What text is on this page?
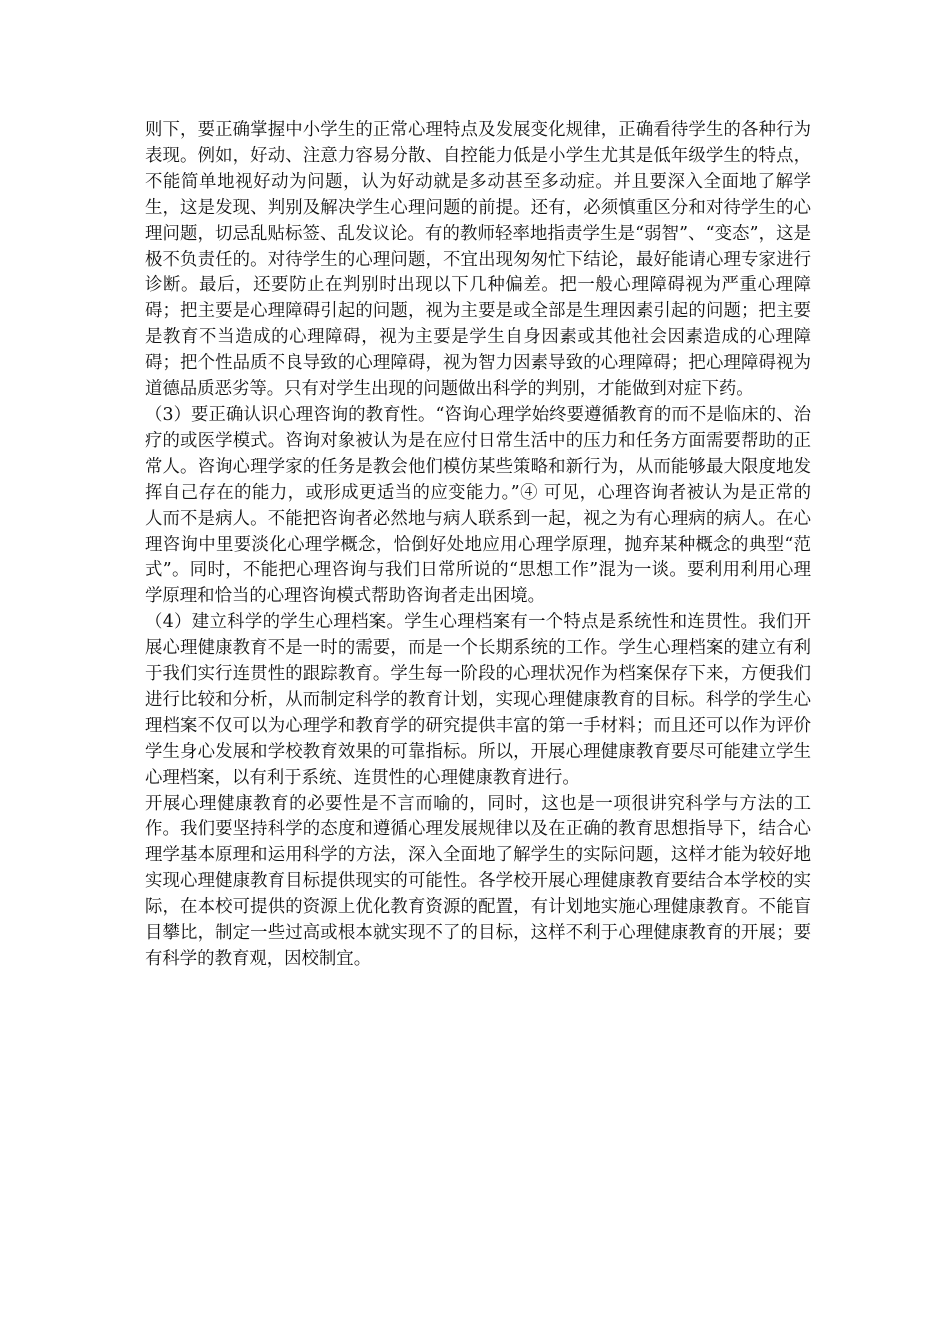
则下，要正确掌握中小学生的正常心理特点及发展变化规律，正确看待学生的各种行为表现。例如，好动、注意力容易分散、自控能力低是小学生尤其是低年级学生的特点，不能简单地视好动为问题，认为好动就是多动甚至多动症。并且要深入全面地了解学生，这是发现、判别及解决学生心理问题的前提。还有，必须慎重区分和对待学生的心理问题，切忌乱贴标签、乱发议论。有的教师轻率地指责学生是“弱智”、“变态”，这是极不负责任的。对待学生的心理问题，不宜出现匆匆忙下结论，最好能请心理专家进行诊断。最后，还要防止在判别时出现以下几种偏差。把一般心理障碍视为严重心理障碍；把主要是心理障碍引起的问题，视为主要是或全部是生理因素引起的问题；把主要是教育不当造成的心理障碍，视为主要是学生自身因素或其他社会因素造成的心理障碍；把个性品质不良导致的心理障碍，视为智力因素导致的心理障碍；把心理障碍视为道德品质恶劣等。只有对学生出现的问题做出科学的判别，才能做到对症下药。

（3）要正确认识心理咨询的教育性。“咨询心理学始终要遵循教育的而不是临床的、治疗的或医学模式。咨询对象被认为是在应付日常生活中的压力和任务方面需要帮助的正常人。咨询心理学家的任务是教会他们模仿某些策略和新行为，从而能够最大限度地发挥自己存在的能力，或形成更适当的应变能力。”④ 可见，心理咨询者被认为是正常的人而不是病人。不能把咨询者必然地与病人联系到一起，视之为有心理病的病人。在心理咨询中里要淡化心理学概念，恰倒好处地应用心理学原理，抛弃某种概念的典型“范式”。同时，不能把心理咨询与我们日常所说的“思想工作”混为一谈。要利用利用心理学原理和恰当的心理咨询模式帮助咨询者走出困境。

（4）建立科学的学生心理档案。学生心理档案有一个特点是系统性和连贯性。我们开展心理健康教育不是一时的需要，而是一个长期系统的工作。学生心理档案的建立有利于我们实行连贯性的跟踪教育。学生每一阶段的心理状况作为档案保存下来，方便我们进行比较和分析，从而制定科学的教育计划，实现心理健康教育的目标。科学的学生心理档案不仅可以为心理学和教育学的研究提供丰富的第一手材料；而且还可以作为评价学生身心发展和学校教育效果的可靠指标。所以，开展心理健康教育要尽可能建立学生心理档案，以有利于系统、连贯性的心理健康教育进行。

开展心理健康教育的必要性是不言而喻的，同时，这也是一项很讲究科学与方法的工作。我们要坚持科学的态度和遵循心理发展规律以及在正确的教育思想指导下，结合心理学基本原理和运用科学的方法，深入全面地了解学生的实际问题，这样才能为较好地实现心理健康教育目标提供现实的可能性。各学校开展心理健康教育要结合本学校的实际，在本校可提供的资源上优化教育资源的配置，有计划地实施心理健康教育。不能盲目攀比，制定一些过高或根本就实现不了的目标，这样不利于心理健康教育的开展；要有科学的教育观，因校制宜。
